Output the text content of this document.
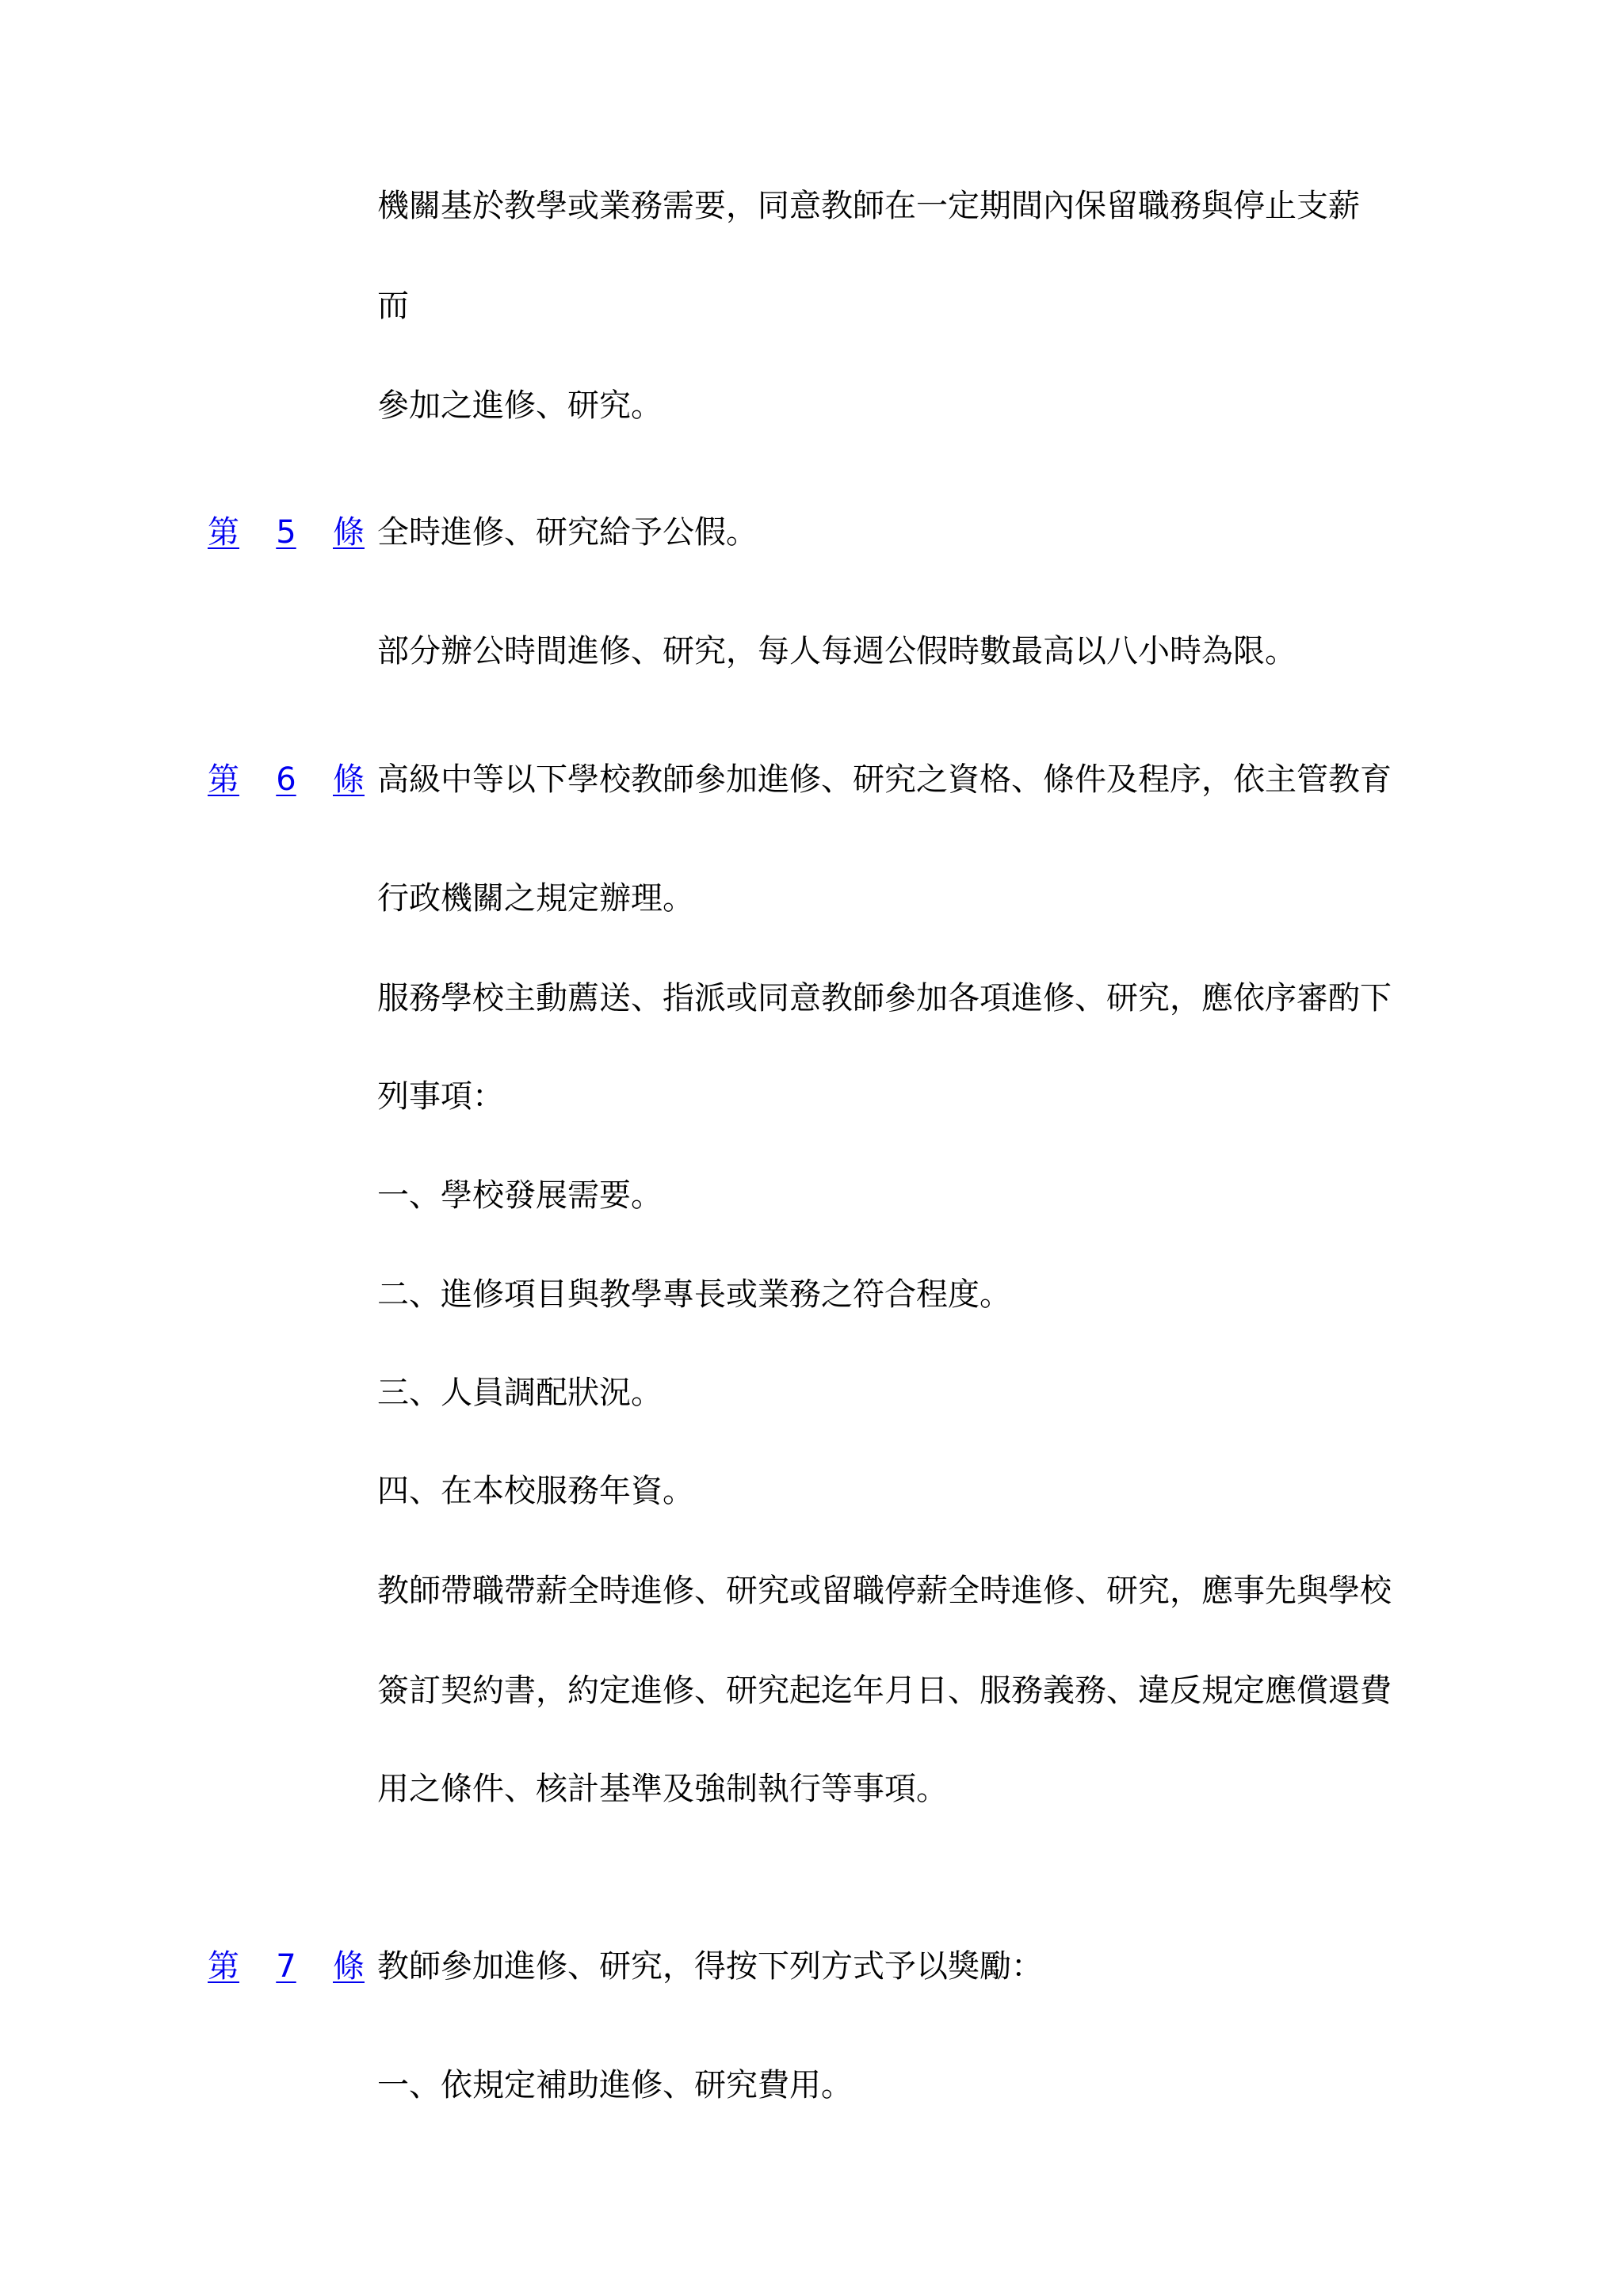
機關基於教學或業務需要，同意教師在一定期間內保留職務與停止支薪
而
參加之進修、研究。
第 5 條 全時進修、研究給予公假。
部分辦公時間進修、研究，每人每週公假時數最高以八小時為限。
第 6 條 高級中等以下學校教師參加進修、研究之資格、條件及程序，依主管教育
行政機關之規定辦理。
服務學校主動薦送、指派或同意教師參加各項進修、研究，應依序審酌下
列事項：
一、學校發展需要。
二、進修項目與教學專長或業務之符合程度。
三、人員調配狀況。
四、在本校服務年資。
教師帶職帶薪全時進修、研究或留職停薪全時進修、研究，應事先與學校
簽訂契約書，約定進修、研究起迄年月日、服務義務、違反規定應償還費
用之條件、核計基準及強制執行等事項。
第 7 條 教師參加進修、研究，得按下列方式予以獎勵：
一、依規定補助進修、研究費用。
